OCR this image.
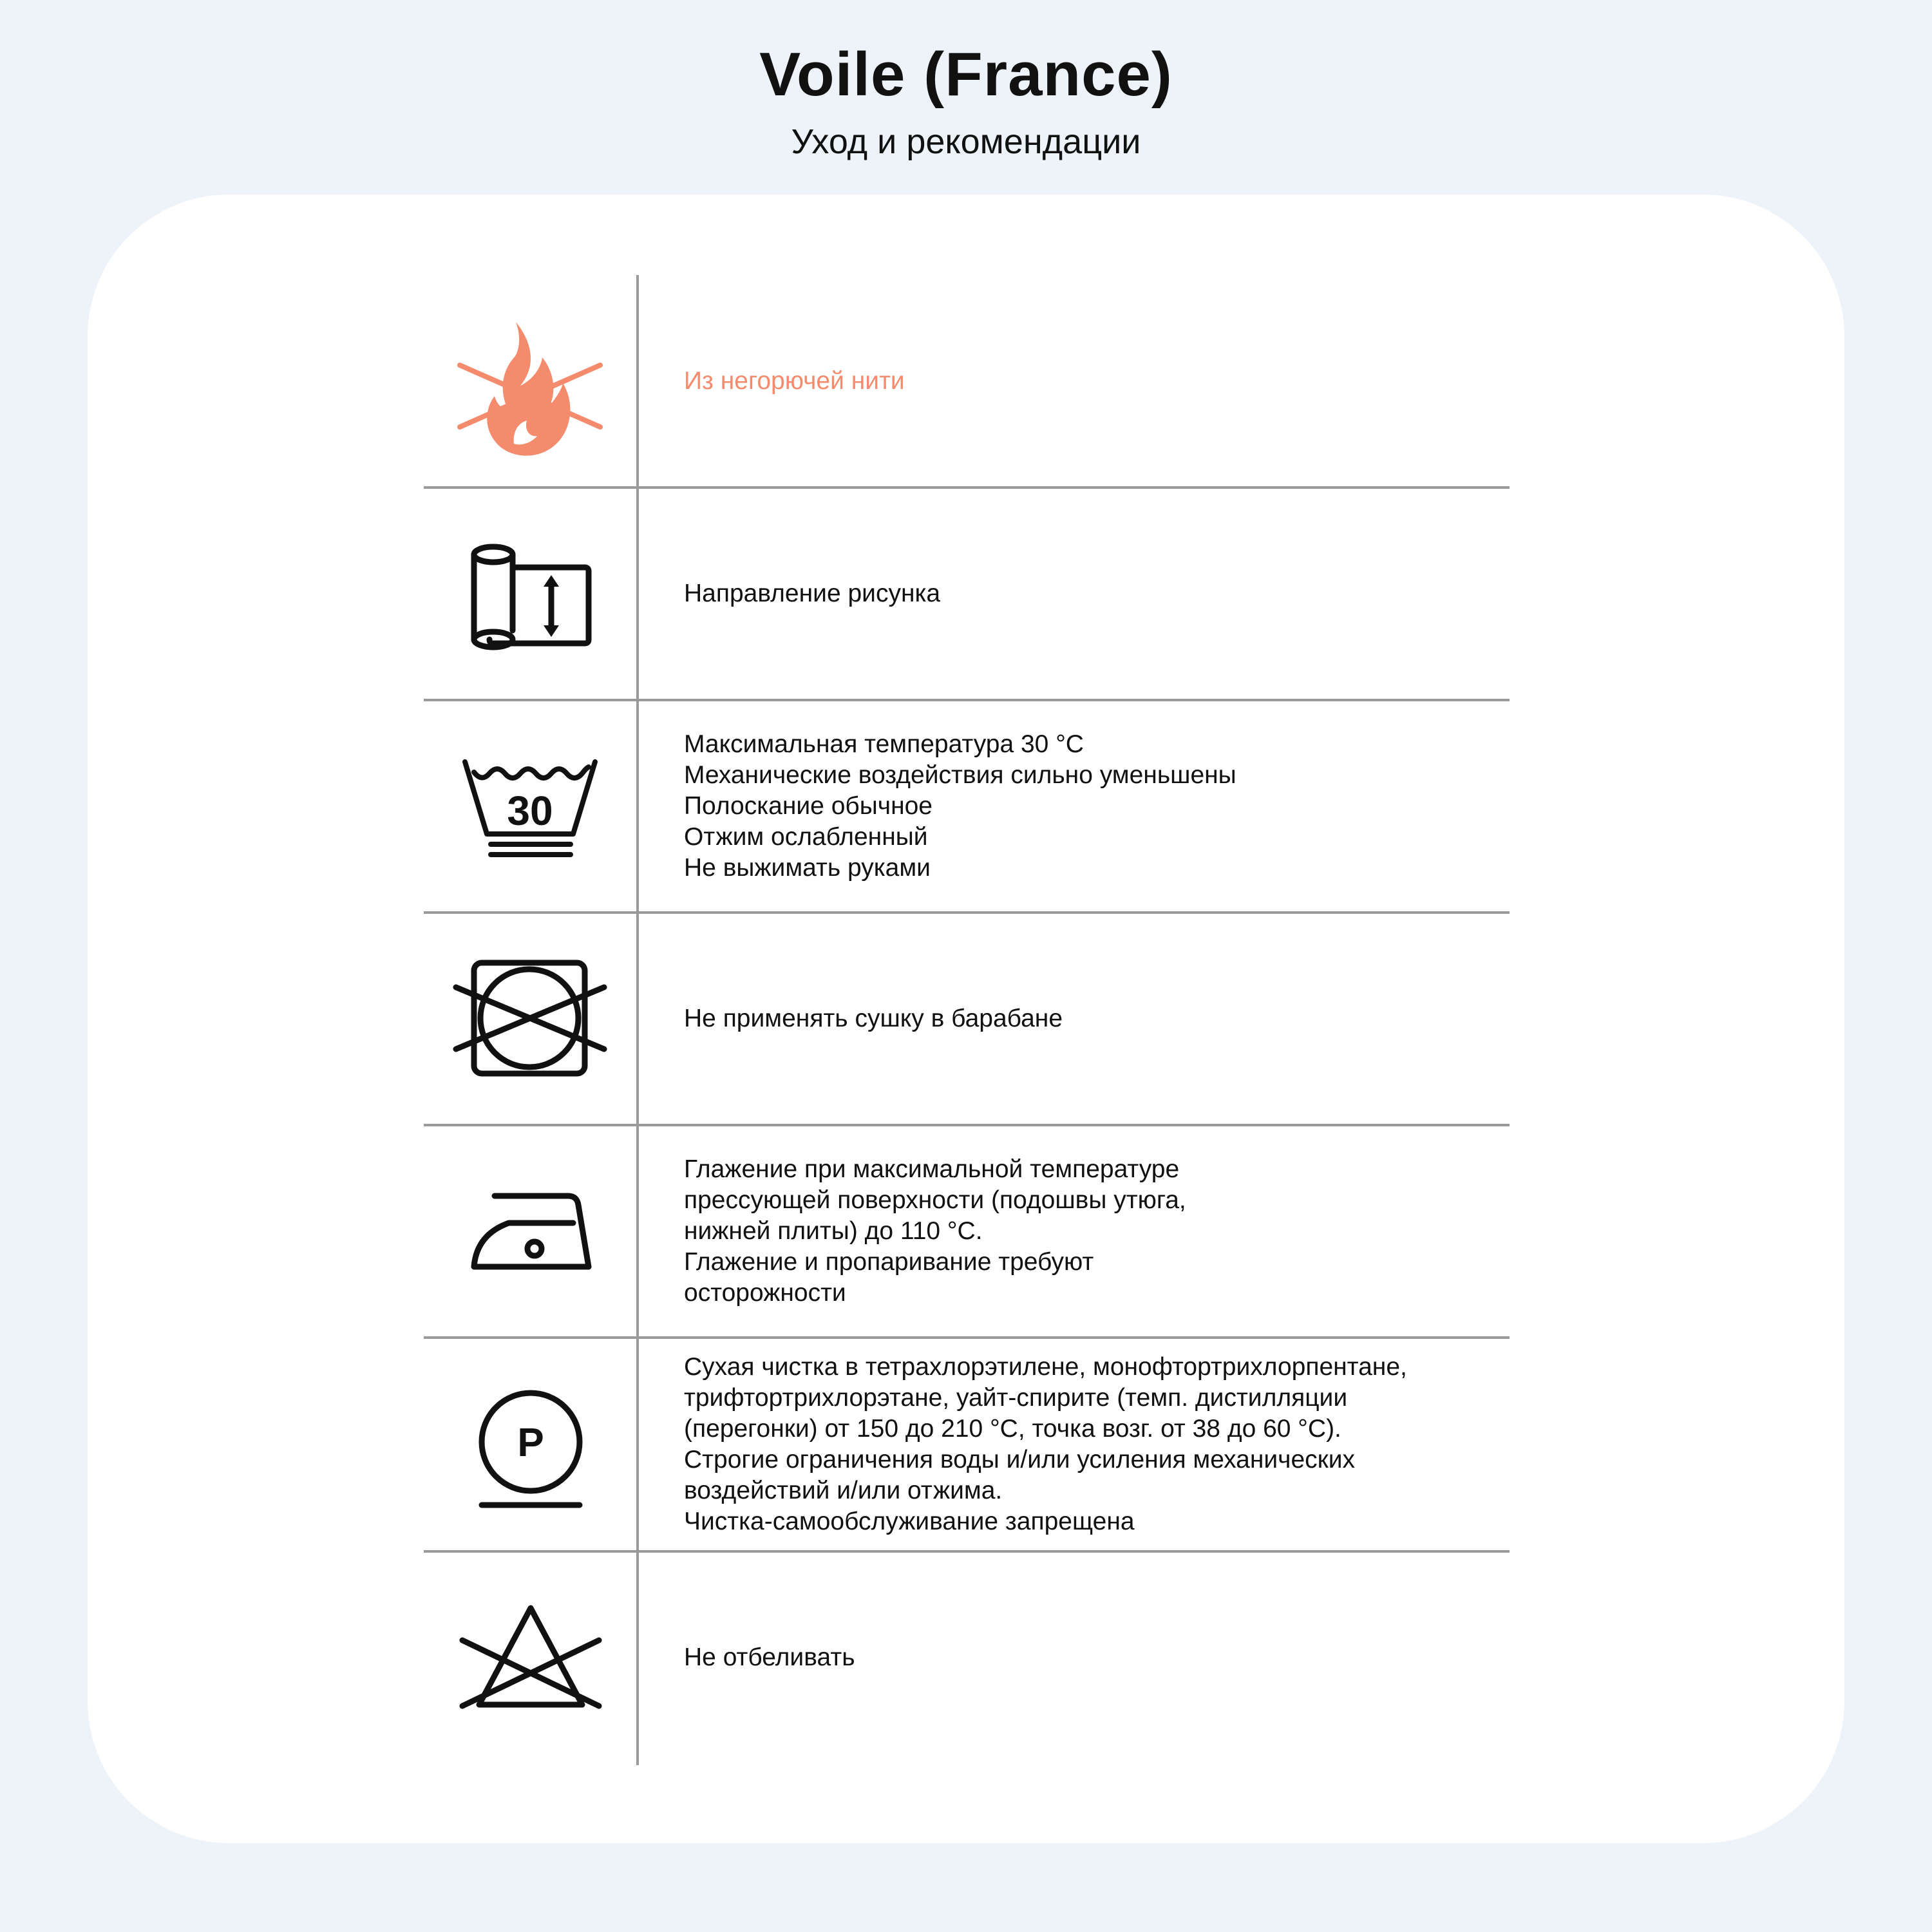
Voile (France)
Уход и рекомендации
Из негорючей нити
Направление рисунка
30
Максимальная температура 30 °C
Механические воздействия сильно уменьшены
Полоскание обычное
Отжим ослабленный
Не выжимать руками
Не применять сушку в барабане
Глажение при максимальной температуре
прессующей поверхности (подошвы утюга,
нижней плиты) до 110 °C.
Глажение и пропаривание требуют
осторожности
P
Сухая чистка в тетрахлорэтилене, монофтортрихлорпентане,
трифтортрихлорэтане, уайт-спирите (темп. дистилляции
(перегонки) от 150 до 210 °C, точка возг. от 38 до 60 °C).
Строгие ограничения воды и/или усиления механических
воздействий и/или отжима.
Чистка-самообслуживание запрещена
Не отбеливать
